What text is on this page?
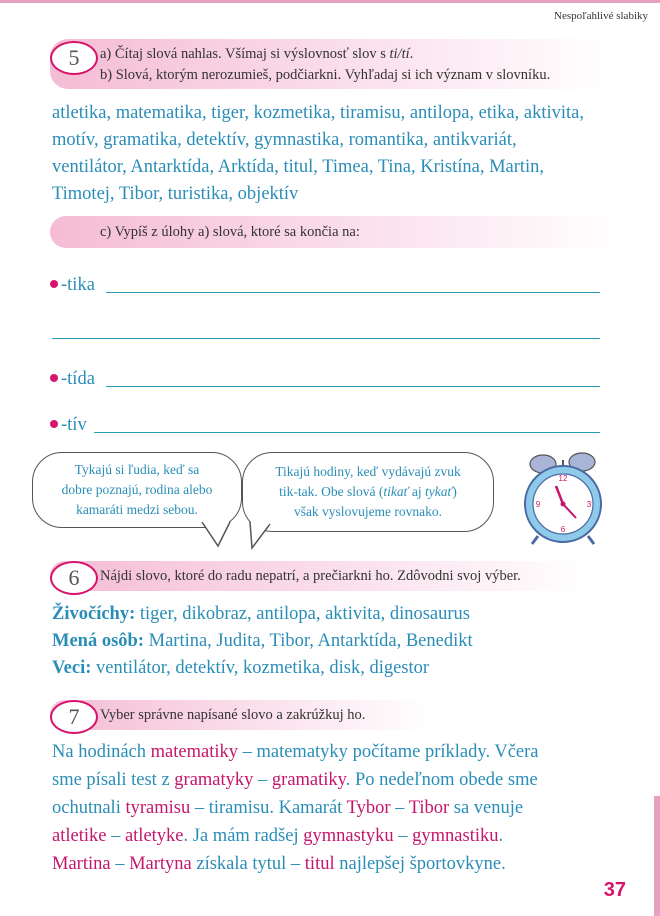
Nespoľahlivé slabiky
5	a) Čítaj slová nahlas. Všímaj si výslovnosť slov s ti/tí.
b) Slová, ktorým nerozumieš, podčiarkni. Vyhľadaj si ich význam v slovníku.
atletika, matematika, tiger, kozmetika, tiramisu, antilopa, etika, aktivita,
motív, gramatika, detektív, gymnastika, romantika, antikvariát,
ventilátor, Antarktída, Arktída, titul, Timea, Tina, Kristína, Martin,
Timotej, Tibor, turistika, objektív
c) Vypíš z úlohy a) slová, ktoré sa končia na:
-tika
-tída
-tív
Tykajú si ľudia, keď sa
dobre poznajú, rodina alebo
kamaráti medzi sebou.
Tikajú hodiny, keď vydávajú zvuk
tik-tak. Obe slová (tikať aj tykať)
však vyslovujeme rovnako.
12
3
6
9
6	Nájdi slovo, ktoré do radu nepatrí, a prečiarkni ho. Zdôvodni svoj výber.
Živočíchy: tiger, dikobraz, antilopa, aktivita, dinosaurus
Mená osôb: Martina, Judita, Tibor, Antarktída, Benedikt
Veci: ventilátor, detektív, kozmetika, disk, digestor
7	Vyber správne napísané slovo a zakrúžkuj ho.
Na hodinách matematiky – matematyky počítame príklady. Včera
sme písali test z gramatyky – gramatiky. Po nedeľnom obede sme
ochutnali tyramisu – tiramisu. Kamarát Tybor – Tibor sa venuje
atletike – atletyke. Ja mám radšej gymnastyku – gymnastiku.
Martina – Martyna získala tytul – titul najlepšej športovkyne.
37
